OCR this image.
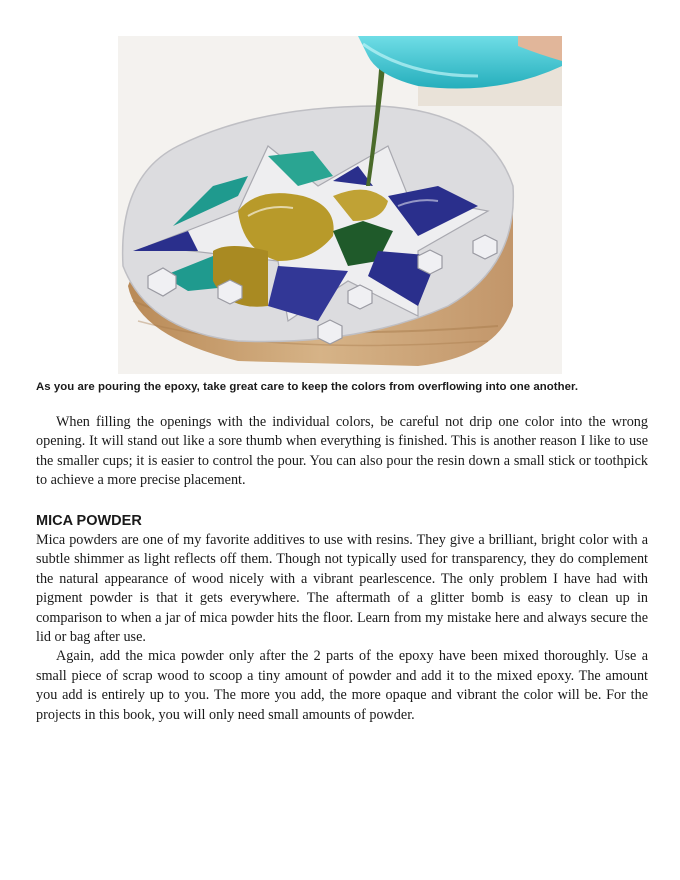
As you are pouring the epoxy, take great care to keep the colors from overflowing into one another.

When filling the openings with the individual colors, be careful not drip one color into the wrong opening. It will stand out like a sore thumb when everything is finished. This is another reason I like to use the smaller cups; it is easier to control the pour. You can also pour the resin down a small stick or toothpick to achieve a more precise placement.

MICA POWDER

Mica powders are one of my favorite additives to use with resins. They give a brilliant, bright color with a subtle shimmer as light reflects off them. Though not typically used for transparency, they do complement the natural appearance of wood nicely with a vibrant pearlescence. The only problem I have had with pigment powder is that it gets everywhere. The aftermath of a glitter bomb is easy to clean up in comparison to when a jar of mica powder hits the floor. Learn from my mistake here and always secure the lid or bag after use.

Again, add the mica powder only after the 2 parts of the epoxy have been mixed thoroughly. Use a small piece of scrap wood to scoop a tiny amount of powder and add it to the mixed epoxy. The amount you add is entirely up to you. The more you add, the more opaque and vibrant the color will be. For the projects in this book, you will only need small amounts of powder.
